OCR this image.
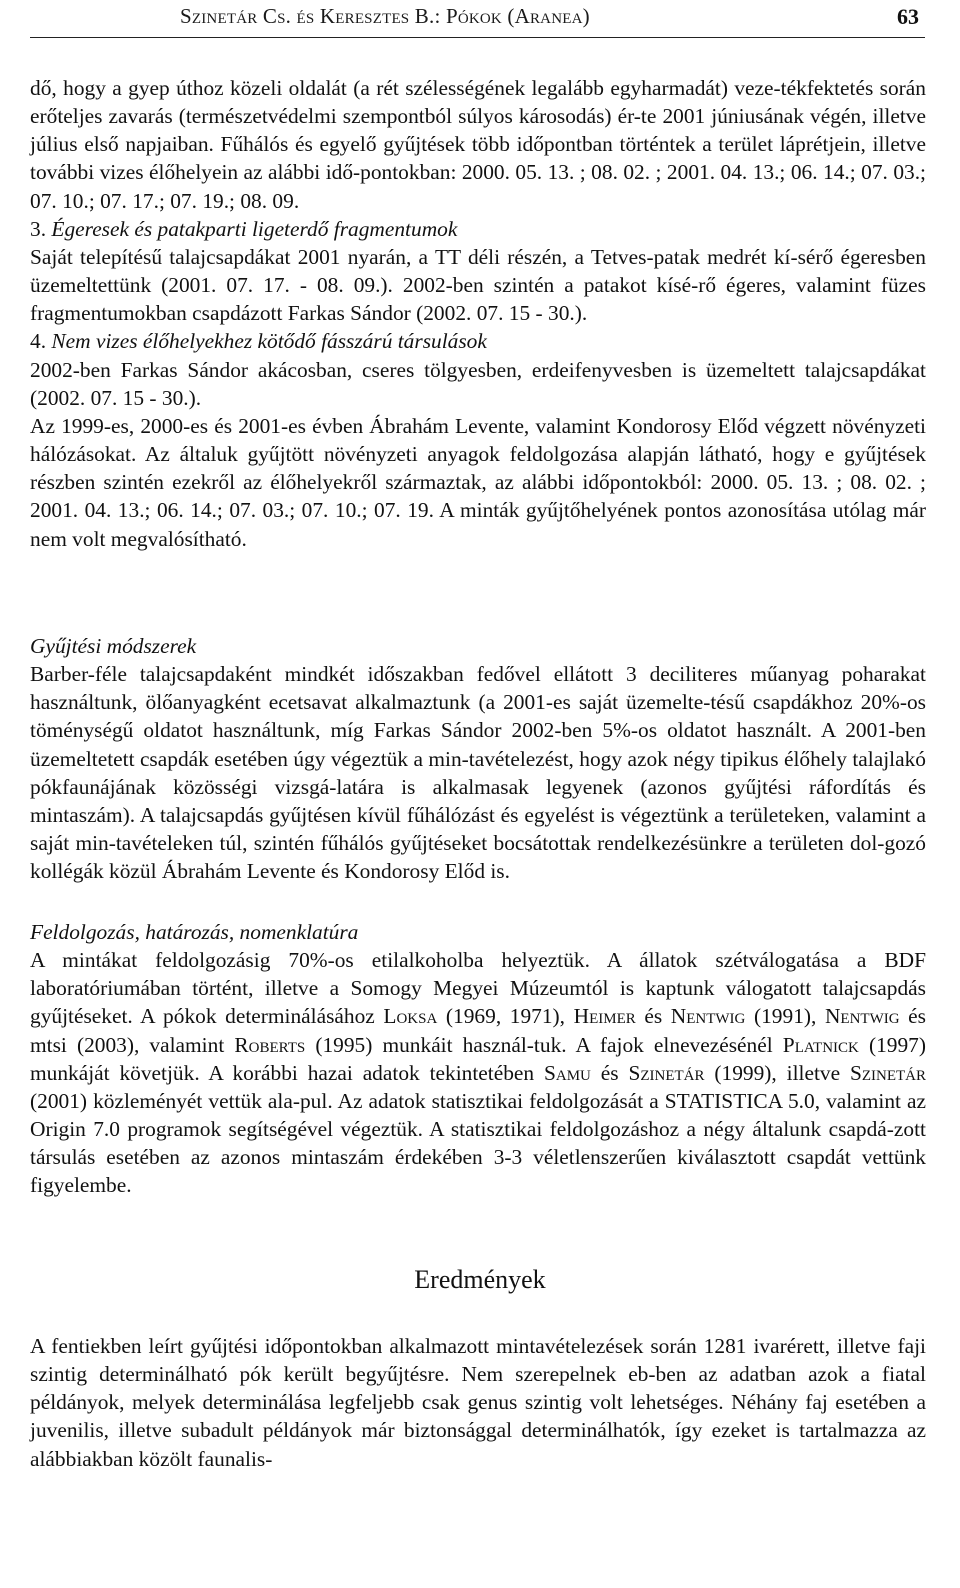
Szinetár Cs. és Keresztes B.: Pókok (Aranea)	63

dő, hogy a gyep úthoz közeli oldalát (a rét szélességének legalább egyharmadát) veze-tékfektetés során erőteljes zavarás (természetvédelmi szempontból súlyos károsodás) ér-te 2001 júniusának végén, illetve július első napjaiban. Fűhálós és egyelő gyűjtések több időpontban történtek a terület láprétjein, illetve további vizes élőhelyein az alábbi idő-pontokban: 2000. 05. 13. ; 08. 02. ; 2001. 04. 13.; 06. 14.; 07. 03.; 07. 10.; 07. 17.; 07. 19.; 08. 09.

3. Égeresek és patakparti ligeterdő fragmentumok

Saját telepítésű talajcsapdákat 2001 nyarán, a TT déli részén, a Tetves-patak medrét kí-sérő égeresben üzemeltettünk (2001. 07. 17. - 08. 09.). 2002-ben szintén a patakot kísé-rő égeres, valamint füzes fragmentumokban csapdázott Farkas Sándor (2002. 07. 15 - 30.).

4. Nem vizes élőhelyekhez kötődő fásszárú társulások

2002-ben Farkas Sándor akácosban, cseres tölgyesben, erdeifenyvesben is üzemeltett talajcsapdákat (2002. 07. 15 - 30.).

Az 1999-es, 2000-es és 2001-es évben Ábrahám Levente, valamint Kondorosy Előd végzett növényzeti hálózásokat. Az általuk gyűjtött növényzeti anyagok feldolgozása alapján látható, hogy e gyűjtések részben szintén ezekről az élőhelyekről származtak, az alábbi időpontokból: 2000. 05. 13. ; 08. 02. ; 2001. 04. 13.; 06. 14.; 07. 03.; 07. 10.; 07. 19. A minták gyűjtőhelyének pontos azonosítása utólag már nem volt megvalósítható.

Gyűjtési módszerek

Barber-féle talajcsapdaként mindkét időszakban fedővel ellátott 3 deciliteres műanyag poharakat használtunk, ölőanyagként ecetsavat alkalmaztunk (a 2001-es saját üzemelte-tésű csapdákhoz 20%-os töménységű oldatot használtunk, míg Farkas Sándor 2002-ben 5%-os oldatot használt. A 2001-ben üzemeltetett csapdák esetében úgy végeztük a min-tavételezést, hogy azok négy tipikus élőhely talajlakó pókfaunájának közösségi vizsgá-latára is alkalmasak legyenek (azonos gyűjtési ráfordítás és mintaszám). A talajcsapdás gyűjtésen kívül fűhálózást és egyelést is végeztünk a területeken, valamint a saját min-tavételeken túl, szintén fűhálós gyűjtéseket bocsátottak rendelkezésünkre a területen dol-gozó kollégák közül Ábrahám Levente és Kondorosy Előd is.

Feldolgozás, határozás, nomenklatúra

A mintákat feldolgozásig 70%-os etilalkoholba helyeztük. A állatok szétválogatása a BDF laboratóriumában történt, illetve a Somogy Megyei Múzeumtól is kaptunk válogatott talajcsapdás gyűjtéseket. A pókok determinálásához Loksa (1969, 1971), Heimer és Nentwig (1991), Nentwig és mtsi (2003), valamint Roberts (1995) munkáit használ-tuk. A fajok elnevezésénél Platnick (1997) munkáját követjük. A korábbi hazai adatok tekintetében Samu és Szinetár (1999), illetve Szinetár (2001) közleményét vettük ala-pul. Az adatok statisztikai feldolgozását a STATISTICA 5.0, valamint az Origin 7.0 programok segítségével végeztük. A statisztikai feldolgozáshoz a négy általunk csapdá-zott társulás esetében az azonos mintaszám érdekében 3-3 véletlenszerűen kiválasztott csapdát vettünk figyelembe.

Eredmények

A fentiekben leírt gyűjtési időpontokban alkalmazott mintavételezések során 1281 ivarérett, illetve faji szintig determinálható pók került begyűjtésre. Nem szerepelnek eb-ben az adatban azok a fiatal példányok, melyek determinálása legfeljebb csak genus szintig volt lehetséges. Néhány faj esetében a juvenilis, illetve subadult példányok már biztonsággal determinálhatók, így ezeket is tartalmazza az alábbiakban közölt faunalis-
